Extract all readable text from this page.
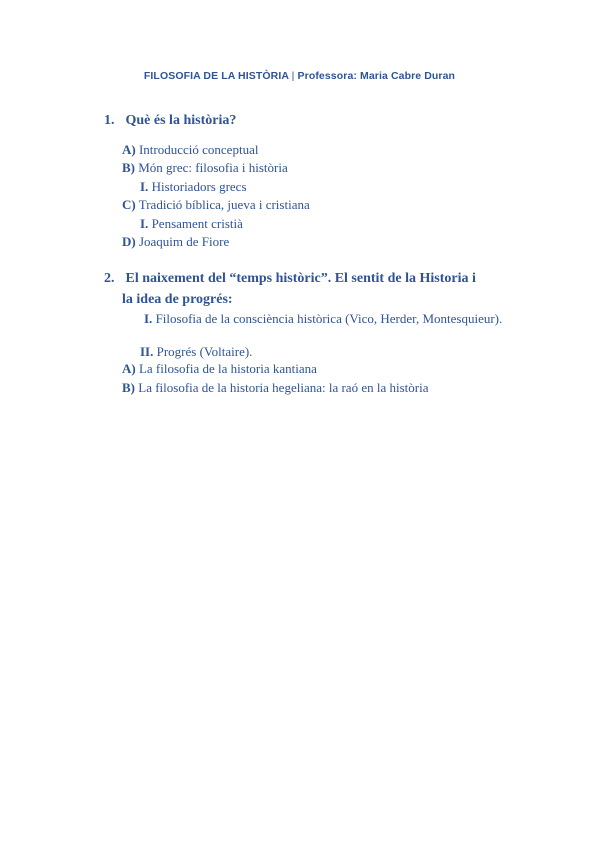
FILOSOFIA DE LA HISTÒRIA | Professora: Maria Cabre Duran
1. Què és la història?
A) Introducció conceptual
B) Món grec: filosofia i història
I. Historiadors grecs
C) Tradició bíblica, jueva i cristiana
I. Pensament cristià
D) Joaquim de Fiore
2. El naixement del “temps històric”. El sentit de la Historia i
la idea de progrés:
I. Filosofia de la consciència històrica (Vico, Herder, Montesquieur).
II. Progrés (Voltaire).
A) La filosofia de la historia kantiana
B) La filosofia de la historia hegeliana: la raó en la història
